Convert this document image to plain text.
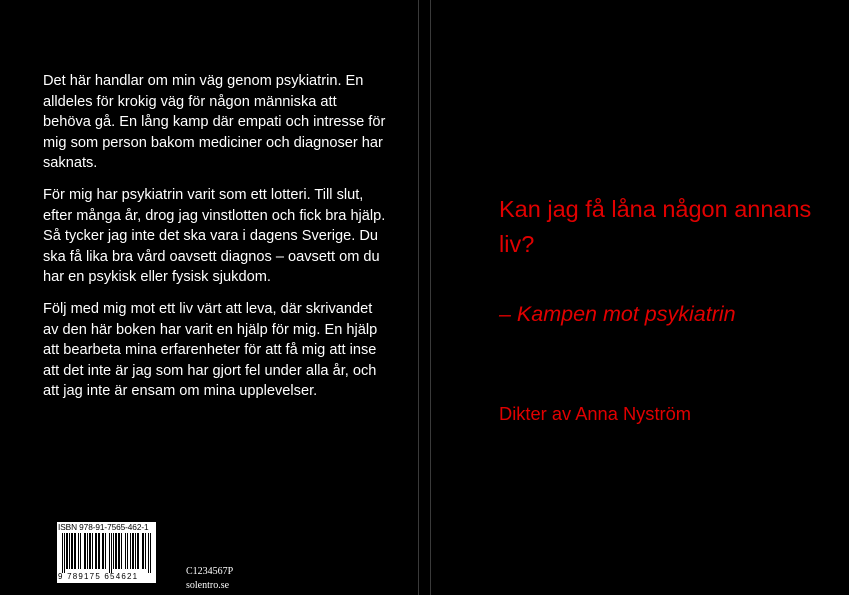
Det här handlar om min väg genom psykiatrin. En alldeles för krokig väg för någon människa att behöva gå. En lång kamp där empati och intresse för mig som person bakom mediciner och diagnoser har saknats.

För mig har psykiatrin varit som ett lotteri. Till slut, efter många år, drog jag vinstlotten och fick bra hjälp. Så tycker jag inte det ska vara i dagens Sverige. Du ska få lika bra vård oavsett diagnos – oavsett om du har en psykisk eller fysisk sjukdom.

Följ med mig mot ett liv värt att leva, där skrivandet av den här boken har varit en hjälp för mig. En hjälp att bearbeta mina erfarenheter för att få mig att inse att det inte är jag som har gjort fel under alla år, och att jag inte är ensam om mina upplevelser.

ISBN 978-91-7565-462-1
9 789175 654621	C1234567P
solentro.se
Kan jag få låna någon annans liv?
– Kampen mot psykiatrin
Dikter av Anna Nyström
